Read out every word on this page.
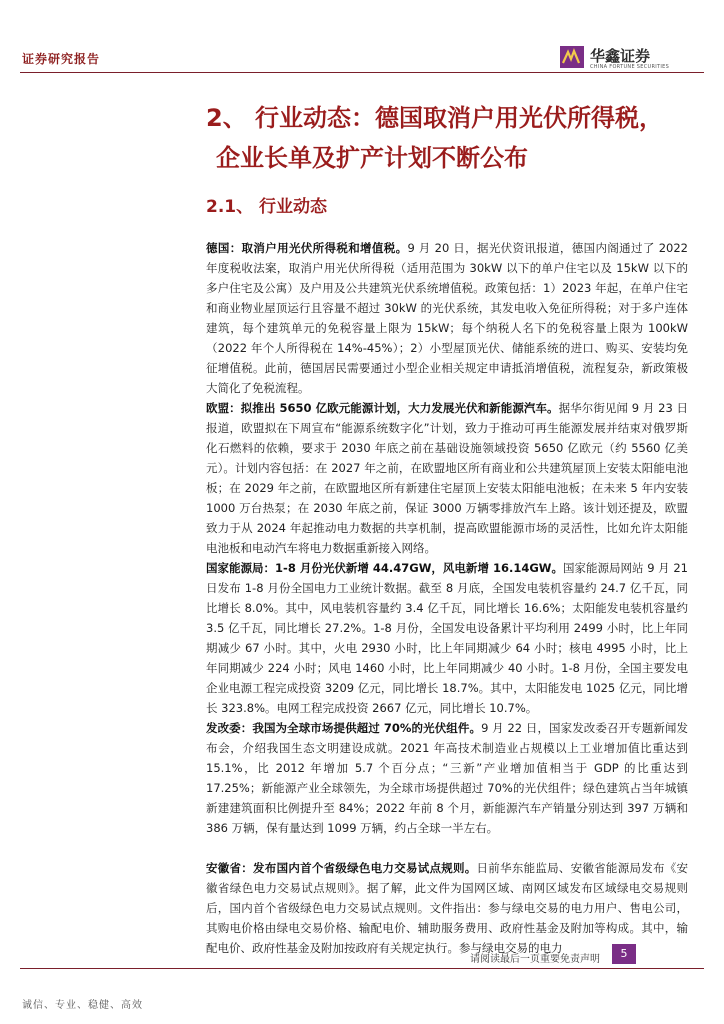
证券研究报告	华鑫证券
CHINA FORTUNE SECURITIES
2、 行业动态：德国取消户用光伏所得税，
企业长单及扩产计划不断公布
2.1、 行业动态
德国：取消户用光伏所得税和增值税。9 月 20 日，据光伏资讯报道，德国内阁通过了 2022 年度税收法案，取消户用光伏所得税（适用范围为 30kW 以下的单户住宅以及 15kW 以下的多户住宅及公寓）及户用及公共建筑光伏系统增值税。政策包括：1）2023 年起，在单户住宅和商业物业屋顶运行且容量不超过 30kW 的光伏系统，其发电收入免征所得税；对于多户连体建筑，每个建筑单元的免税容量上限为 15kW；每个纳税人名下的免税容量上限为 100kW（2022 年个人所得税在 14%-45%）；2）小型屋顶光伏、储能系统的进口、购买、安装均免征增值税。此前，德国居民需要通过小型企业相关规定申请抵消增值税，流程复杂，新政策极大简化了免税流程。
欧盟：拟推出 5650 亿欧元能源计划，大力发展光伏和新能源汽车。据华尔街见闻 9 月 23 日报道，欧盟拟在下周宣布“能源系统数字化”计划，致力于推动可再生能源发展并结束对俄罗斯化石燃料的依赖，要求于 2030 年底之前在基础设施领域投资 5650 亿欧元（约 5560 亿美元）。计划内容包括：在 2027 年之前，在欧盟地区所有商业和公共建筑屋顶上安装太阳能电池板；在 2029 年之前，在欧盟地区所有新建住宅屋顶上安装太阳能电池板；在未来 5 年内安装 1000 万台热泵；在 2030 年底之前，保证 3000 万辆零排放汽车上路。该计划还提及，欧盟致力于从 2024 年起推动电力数据的共享机制，提高欧盟能源市场的灵活性，比如允许太阳能电池板和电动汽车将电力数据重新接入网络。
国家能源局：1-8 月份光伏新增 44.47GW，风电新增 16.14GW。国家能源局网站 9 月 21 日发布 1-8 月份全国电力工业统计数据。截至 8 月底，全国发电装机容量约 24.7 亿千瓦，同比增长 8.0%。其中，风电装机容量约 3.4 亿千瓦，同比增长 16.6%；太阳能发电装机容量约 3.5 亿千瓦，同比增长 27.2%。1-8 月份，全国发电设备累计平均利用 2499 小时，比上年同期减少 67 小时。其中，火电 2930 小时，比上年同期减少 64 小时；核电 4995 小时，比上年同期减少 224 小时；风电 1460 小时，比上年同期减少 40 小时。1-8 月份，全国主要发电企业电源工程完成投资 3209 亿元，同比增长 18.7%。其中，太阳能发电 1025 亿元，同比增长 323.8%。电网工程完成投资 2667 亿元，同比增长 10.7%。
发改委：我国为全球市场提供超过 70%的光伏组件。9 月 22 日，国家发改委召开专题新闻发布会，介绍我国生态文明建设成就。2021 年高技术制造业占规模以上工业增加值比重达到 15.1%，比 2012 年增加 5.7 个百分点；“三新”产业增加值相当于 GDP 的比重达到 17.25%；新能源产业全球领先，为全球市场提供超过 70%的光伏组件；绿色建筑占当年城镇新建建筑面积比例提升至 84%；2022 年前 8 个月，新能源汽车产销量分别达到 397 万辆和 386 万辆，保有量达到 1099 万辆，约占全球一半左右。
安徽省：发布国内首个省级绿色电力交易试点规则。日前华东能监局、安徽省能源局发布《安徽省绿色电力交易试点规则》。据了解，此文件为国网区域、南网区域发布区域绿电交易规则后，国内首个省级绿色电力交易试点规则。文件指出：参与绿电交易的电力用户、售电公司，其购电价格由绿电交易价格、输配电价、辅助服务费用、政府性基金及附加等构成。其中，输配电价、政府性基金及附加按政府有关规定执行。参与绿电交易的电力
请阅读最后一页重要免责声明	5
诚信、专业、稳健、高效
